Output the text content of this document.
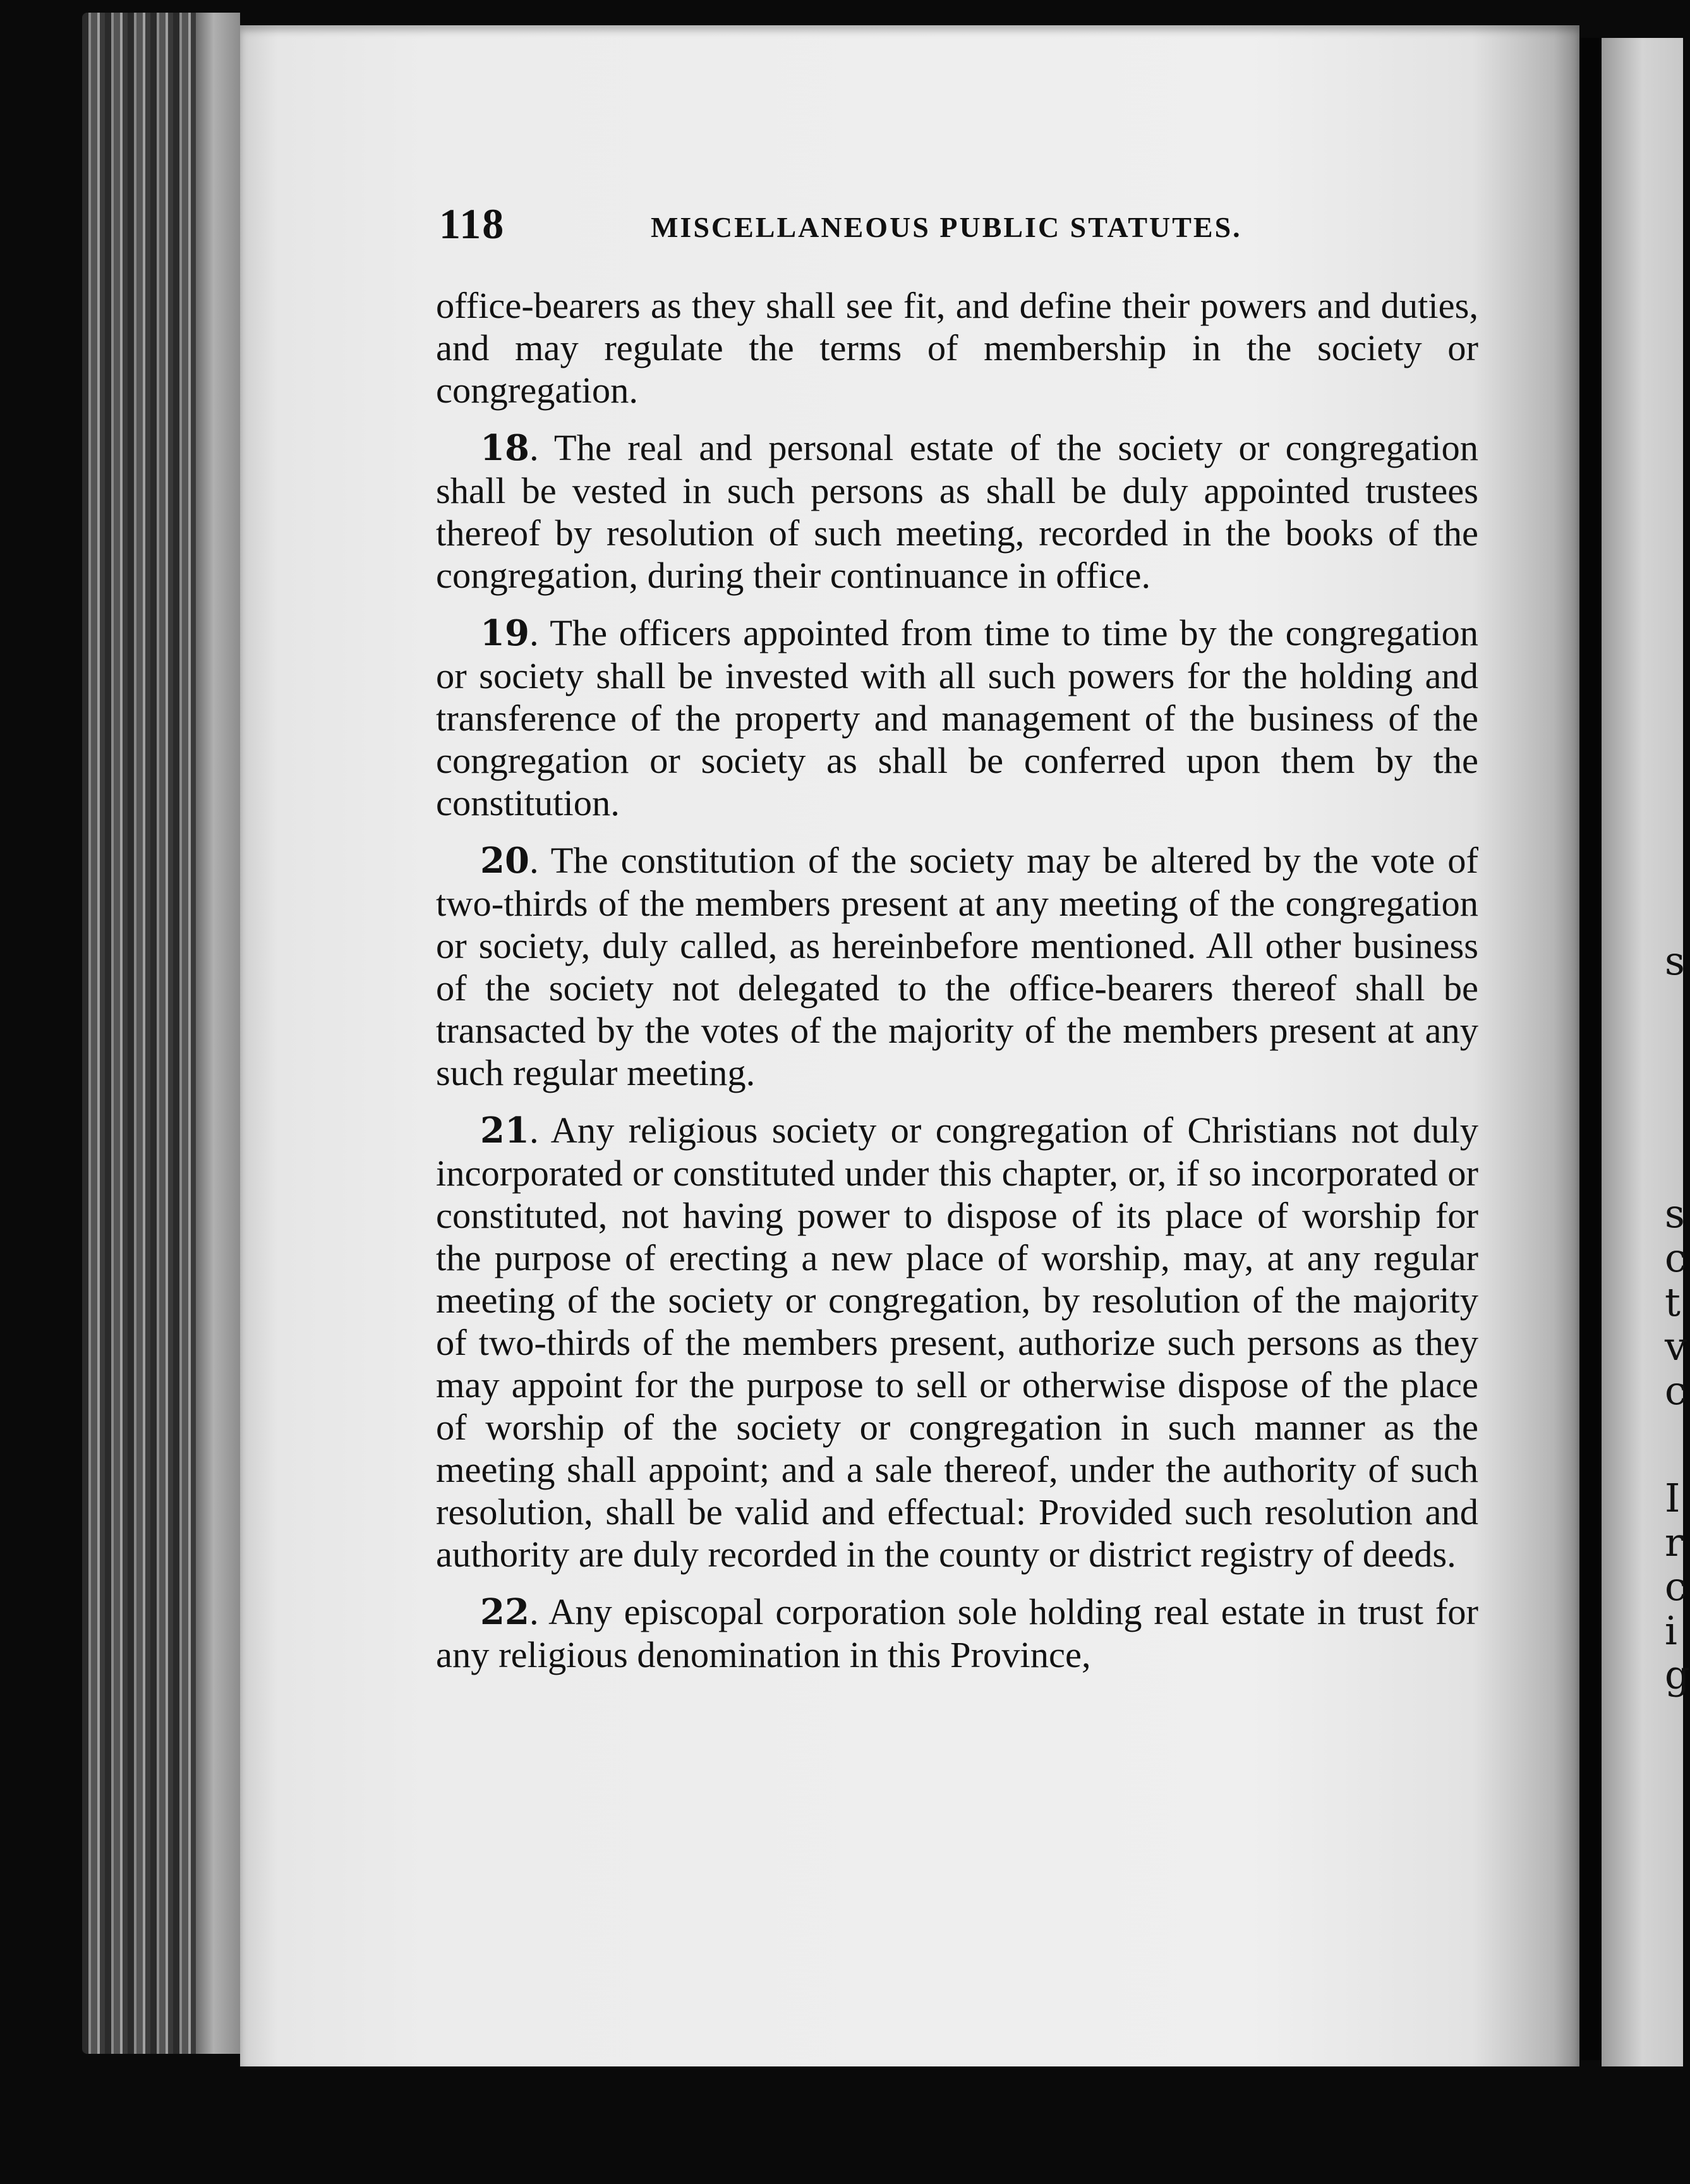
s
s
c
t
v
c
I
r
c
i
g
118	MISCELLANEOUS PUBLIC STATUTES.

office-bearers as they shall see fit, and define their powers and duties, and may regulate the terms of membership in the society or congregation.

18. The real and personal estate of the society or congregation shall be vested in such persons as shall be duly appointed trustees thereof by resolution of such meeting, recorded in the books of the congregation, during their continuance in office.

19. The officers appointed from time to time by the congregation or society shall be invested with all such powers for the holding and transference of the property and management of the business of the congregation or society as shall be conferred upon them by the constitution.

20. The constitution of the society may be altered by the vote of two-thirds of the members present at any meeting of the congregation or society, duly called, as hereinbefore mentioned. All other business of the society not delegated to the office-bearers thereof shall be transacted by the votes of the majority of the members present at any such regular meeting.

21. Any religious society or congregation of Christians not duly incorporated or constituted under this chapter, or, if so incorporated or constituted, not having power to dispose of its place of worship for the purpose of erecting a new place of worship, may, at any regular meeting of the society or congregation, by resolution of the majority of two-thirds of the members present, authorize such persons as they may appoint for the purpose to sell or otherwise dispose of the place of worship of the society or congregation in such manner as the meeting shall appoint; and a sale thereof, under the authority of such resolution, shall be valid and effectual: Provided such resolution and authority are duly recorded in the county or district registry of deeds.

22. Any episcopal corporation sole holding real estate in trust for any religious denomination in this Province,
